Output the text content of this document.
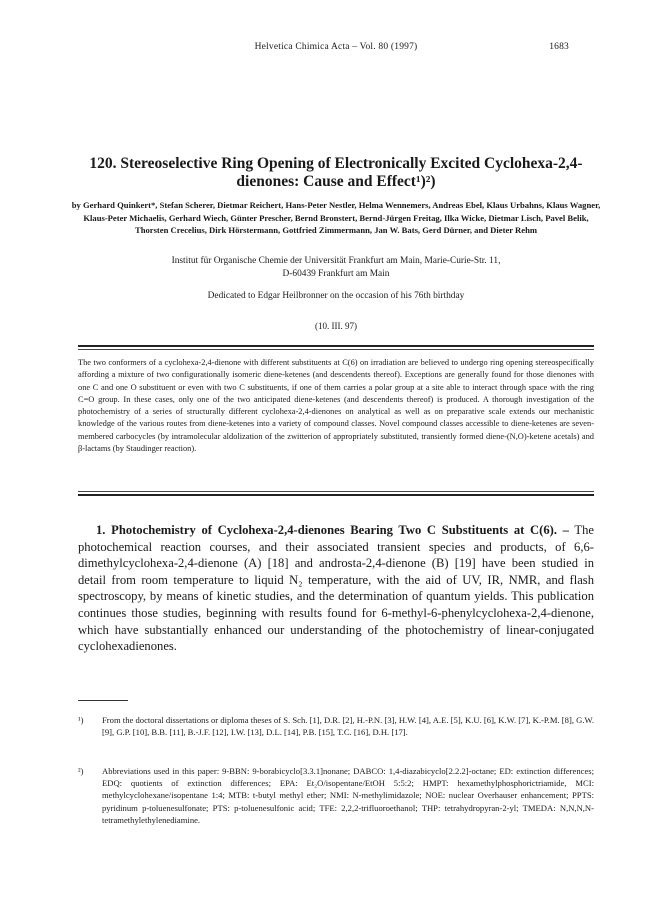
Helvetica Chimica Acta – Vol. 80 (1997)	1683
120. Stereoselective Ring Opening of Electronically Excited Cyclohexa-2,4-dienones: Cause and Effect¹)²)
by Gerhard Quinkert*, Stefan Scherer, Dietmar Reichert, Hans-Peter Nestler, Helma Wennemers, Andreas Ebel, Klaus Urbahns, Klaus Wagner, Klaus-Peter Michaelis, Gerhard Wiech, Günter Prescher, Bernd Bronstert, Bernd-Jürgen Freitag, Ilka Wicke, Dietmar Lisch, Pavel Belik, Thorsten Crecelius, Dirk Hörstermann, Gottfried Zimmermann, Jan W. Bats, Gerd Dürner, and Dieter Rehm
Institut für Organische Chemie der Universität Frankfurt am Main, Marie-Curie-Str. 11,
D-60439 Frankfurt am Main
Dedicated to Edgar Heilbronner on the occasion of his 76th birthday
(10. III. 97)
The two conformers of a cyclohexa-2,4-dienone with different substituents at C(6) on irradiation are believed to undergo ring opening stereospecifically affording a mixture of two configurationally isomeric diene-ketenes (and descendents thereof). Exceptions are generally found for those dienones with one C and one O substituent or even with two C substituents, if one of them carries a polar group at a site able to interact through space with the ring C=O group. In these cases, only one of the two anticipated diene-ketenes (and descendents thereof) is produced. A thorough investigation of the photochemistry of a series of structurally different cyclohexa-2,4-dienones on analytical as well as on preparative scale extends our mechanistic knowledge of the various routes from diene-ketenes into a variety of compound classes. Novel compound classes accessible to diene-ketenes are seven-membered carbocycles (by intramolecular aldolization of the zwitterion of appropriately substituted, transiently formed diene-(N,O)-ketene acetals) and β-lactams (by Staudinger reaction).

1. Photochemistry of Cyclohexa-2,4-dienones Bearing Two C Substituents at C(6). – The photochemical reaction courses, and their associated transient species and products, of 6,6-dimethylcyclohexa-2,4-dienone (A) [18] and androsta-2,4-dienone (B) [19] have been studied in detail from room temperature to liquid N₂ temperature, with the aid of UV, IR, NMR, and flash spectroscopy, by means of kinetic studies, and the determination of quantum yields. This publication continues those studies, beginning with results found for 6-methyl-6-phenylcyclohexa-2,4-dienone, which have substantially enhanced our understanding of the photochemistry of linear-conjugated cyclohexadienones.

¹)	From the doctoral dissertations or diploma theses of S. Sch. [1], D.R. [2], H.-P.N. [3], H.W. [4], A.E. [5], K.U. [6], K.W. [7], K.-P.M. [8], G.W. [9], G.P. [10], B.B. [11], B.-J.F. [12], I.W. [13], D.L. [14], P.B. [15], T.C. [16], D.H. [17].
²)	Abbreviations used in this paper: 9-BBN: 9-borabicyclo[3.3.1]nonane; DABCO: 1,4-diazabicyclo[2.2.2]-octane; ED: extinction differences; EDQ: quotients of extinction differences; EPA: Et₂O/isopentane/EtOH 5:5:2; HMPT: hexamethylphosphorictriamide, MCI: methylcyclohexane/isopentane 1:4; MTB: t-butyl methyl ether; NMI: N-methylimidazole; NOE: nuclear Overhauser enhancement; PPTS: pyridinum p-toluenesulfonate; PTS: p-toluenesulfonic acid; TFE: 2,2,2-trifluoroethanol; THP: tetrahydropyran-2-yl; TMEDA: N,N,N,N-tetramethylethylenediamine.
